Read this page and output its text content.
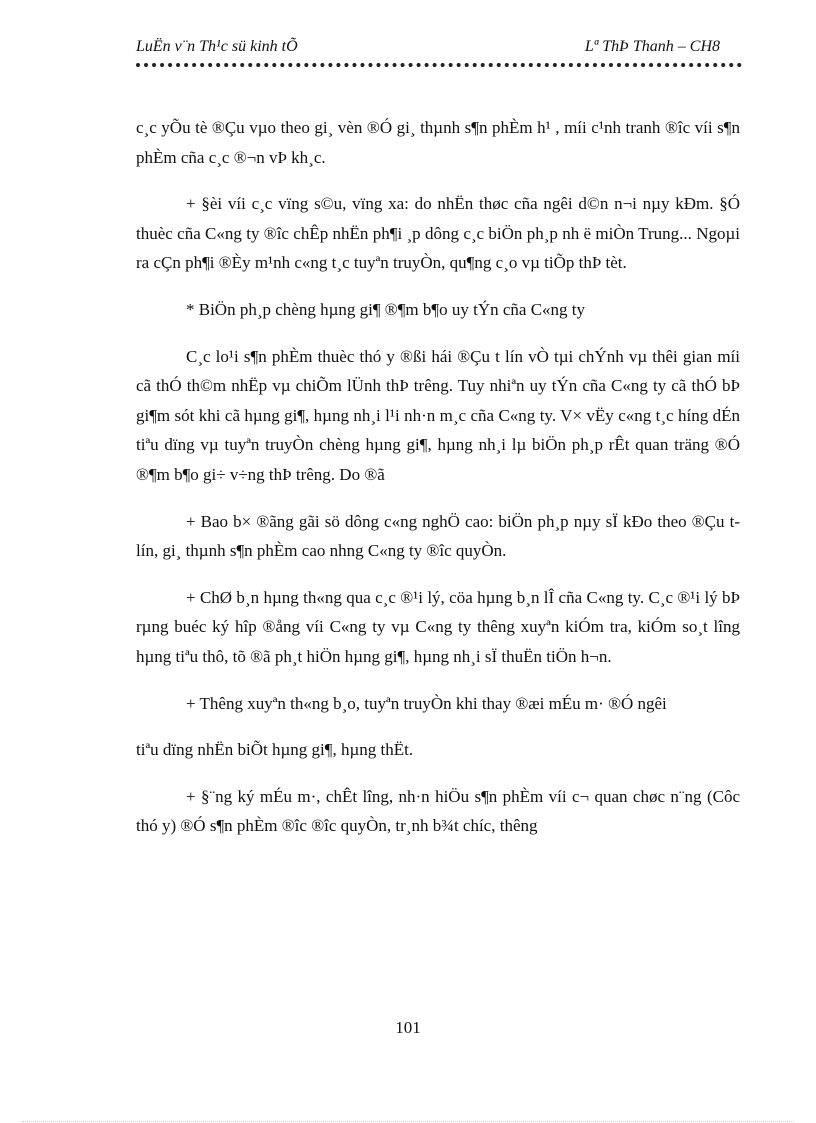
LuËn v¨n Th¹c sü kinh tÕ	Lª ThÞ Thanh – CH8

c¸c yÕu tè ®Çu vµo theo gi¸ vèn ®Ó gi¸ thµnh s¶n phÈm h¹ , míi c¹nh tranh ®îc víi s¶n phÈm cña c¸c ®¬n vÞ kh¸c.

+ §èi víi c¸c vïng s©u, vïng xa: do nhËn thøc cña ngêi d©n n¬i nµy kÐm. §Ó thuèc cña C«ng ty ®îc chÊp nhËn ph¶i ¸p dông c¸c biÖn ph¸p nh ë miÒn Trung... Ngoµi ra cÇn ph¶i ®Èy m¹nh c«ng t¸c tuyªn truyÒn, qu¶ng c¸o vµ tiÕp thÞ tèt.

* BiÖn ph¸p chèng hµng gi¶ ®¶m b¶o uy tÝn cña C«ng ty

C¸c lo¹i s¶n phÈm thuèc thó y ®ßi hái ®Çu t lín vÒ tµi chÝnh vµ thêi gian míi cã thÓ th©m nhËp vµ chiÕm lÜnh thÞ trêng. Tuy nhiªn uy tÝn cña C«ng ty cã thÓ bÞ gi¶m sót khi cã hµng gi¶, hµng nh¸i l¹i nh·n m¸c cña C«ng ty. V× vËy c«ng t¸c híng dÉn tiªu dïng vµ tuyªn truyÒn chèng hµng gi¶, hµng nh¸i lµ biÖn ph¸p rÊt quan träng ®Ó ®¶m b¶o gi÷ v÷ng thÞ trêng. Do ®ã

+ Bao b× ®ãng gãi sö dông c«ng nghÖ cao: biÖn ph¸p nµy sÏ kÐo theo ®Çu t lín, gi¸ thµnh s¶n phÈm cao nhng C«ng ty ®îc quyÒn.

+ ChØ b¸n hµng th«ng qua c¸c ®¹i lý, cöa hµng b¸n lÎ cña C«ng ty. C¸c ®¹i lý bÞ rµng buéc ký hîp ®ång víi C«ng ty vµ C«ng ty thêng xuyªn kiÓm tra, kiÓm so¸t lîng hµng tiªu thô, tõ ®ã ph¸t hiÖn hµng gi¶, hµng nh¸i sÏ thuËn tiÖn h¬n.

+ Thêng xuyªn th«ng b¸o, tuyªn truyÒn khi thay ®æi mÉu m· ®Ó ngêi

tiªu dïng nhËn biÕt hµng gi¶, hµng thËt.

+ §¨ng ký mÉu m·, chÊt lîng, nh·n hiÖu s¶n phÈm víi c¬ quan chøc n¨ng (Côc thó y) ®Ó s¶n phÈm ®îc ®îc quyÒn, tr¸nh b¾t chíc, thêng

101
